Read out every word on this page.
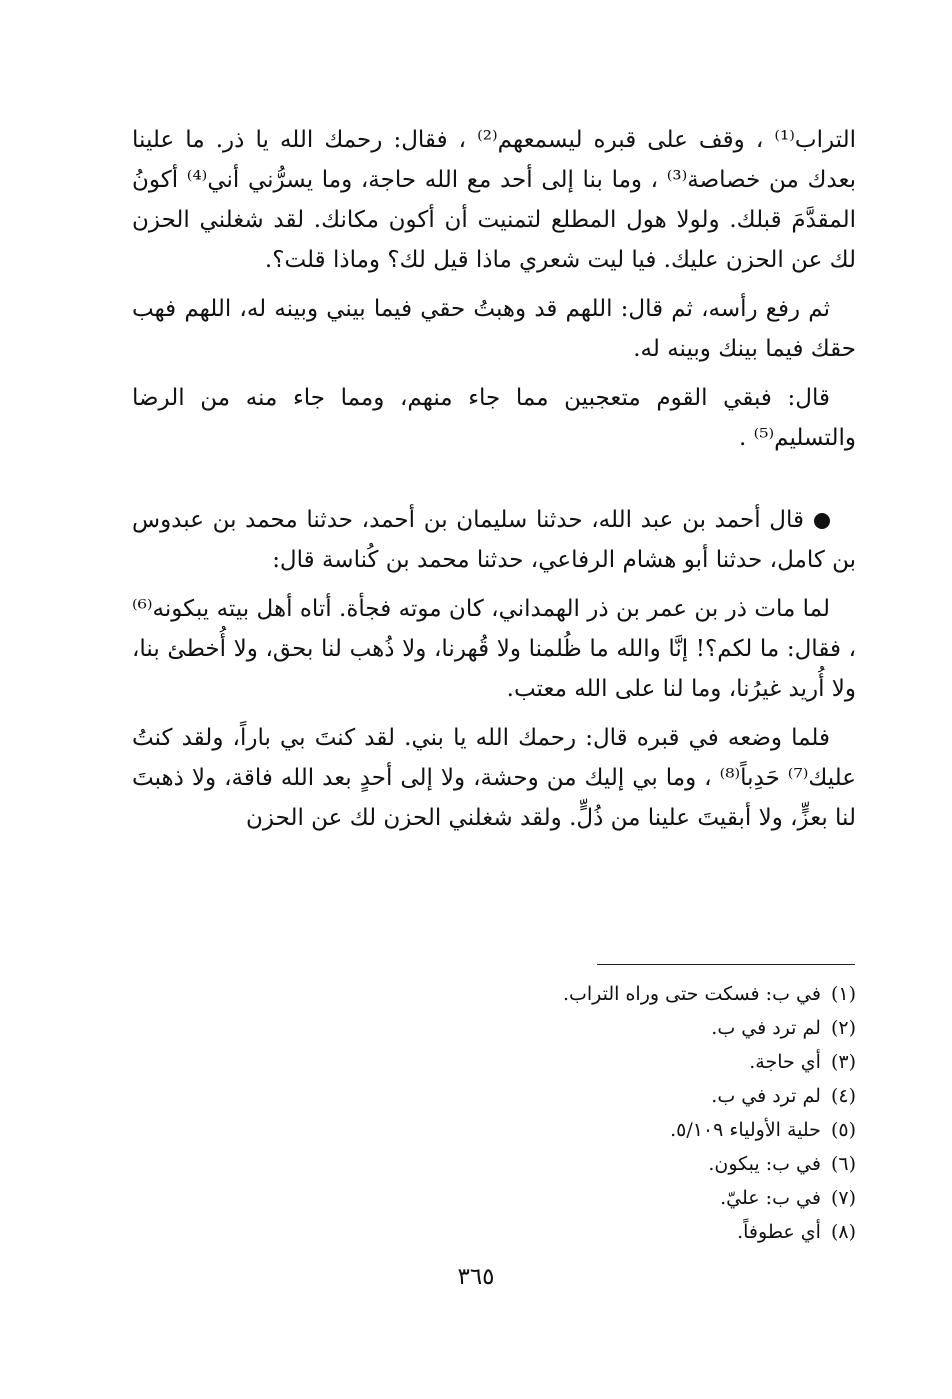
التراب⁽¹⁾ ، وقف على قبره ليسمعهم⁽²⁾ ، فقال: رحمك الله يا ذر. ما علينا بعدك من خصاصة⁽³⁾ ، وما بنا إلى أحد مع الله حاجة، وما يسرُّني أني⁽⁴⁾ أكونُ المقدَّمَ قبلك. ولولا هول المطلع لتمنيت أن أكون مكانك. لقد شغلني الحزن لك عن الحزن عليك. فيا ليت شعري ماذا قيل لك؟ وماذا قلت؟.

ثم رفع رأسه، ثم قال: اللهم قد وهبتُ حقي فيما بيني وبينه له، اللهم فهب حقك فيما بينك وبينه له.

قال: فبقي القوم متعجبين مما جاء منهم، ومما جاء منه من الرضا والتسليم⁽⁵⁾ .

قال أحمد بن عبد الله، حدثنا سليمان بن أحمد، حدثنا محمد بن عبدوس بن كامل، حدثنا أبو هشام الرفاعي، حدثنا محمد بن كُناسة قال:

لما مات ذر بن عمر بن ذر الهمداني، كان موته فجأة. أتاه أهل بيته يبكونه⁽⁶⁾ ، فقال: ما لكم؟! إنَّا والله ما ظُلمنا ولا قُهرنا، ولا ذُهب لنا بحق، ولا أُخطئ بنا، ولا أُريد غيرُنا، وما لنا على الله معتب.

فلما وضعه في قبره قال: رحمك الله يا بني. لقد كنتَ بي باراً، ولقد كنتُ عليك⁽⁷⁾ حَدِباً⁽⁸⁾ ، وما بي إليك من وحشة، ولا إلى أحدٍ بعد الله فاقة، ولا ذهبتَ لنا بعزٍّ، ولا أبقيتَ علينا من ذُلٍّ. ولقد شغلني الحزن لك عن الحزن

(١)في ب: فسكت حتى وراه التراب.
(٢)لم ترد في ب.
(٣)أي حاجة.
(٤)لم ترد في ب.
(٥)حلية الأولياء ٥/١٠٩.
(٦)في ب: يبكون.
(٧)في ب: عليّ.
(٨)أي عطوفاً.
٣٦٥
